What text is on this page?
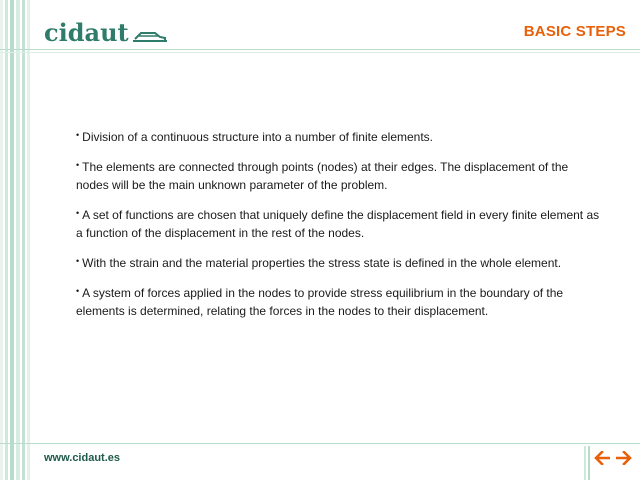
cidaut	BASIC STEPS

• Division of a continuous structure into a number of finite elements.

• The elements are connected through points (nodes) at their edges. The displacement of the nodes will be the main unknown parameter of the problem.

• A set of functions are chosen that uniquely define the displacement field in every finite element as a function of the displacement in the rest of the nodes.

• With the strain and the material properties the stress state is defined in the whole element.

• A system of forces applied in the nodes to provide stress equilibrium in the boundary of the elements is determined, relating the forces in the nodes to their displacement.

www.cidaut.es
